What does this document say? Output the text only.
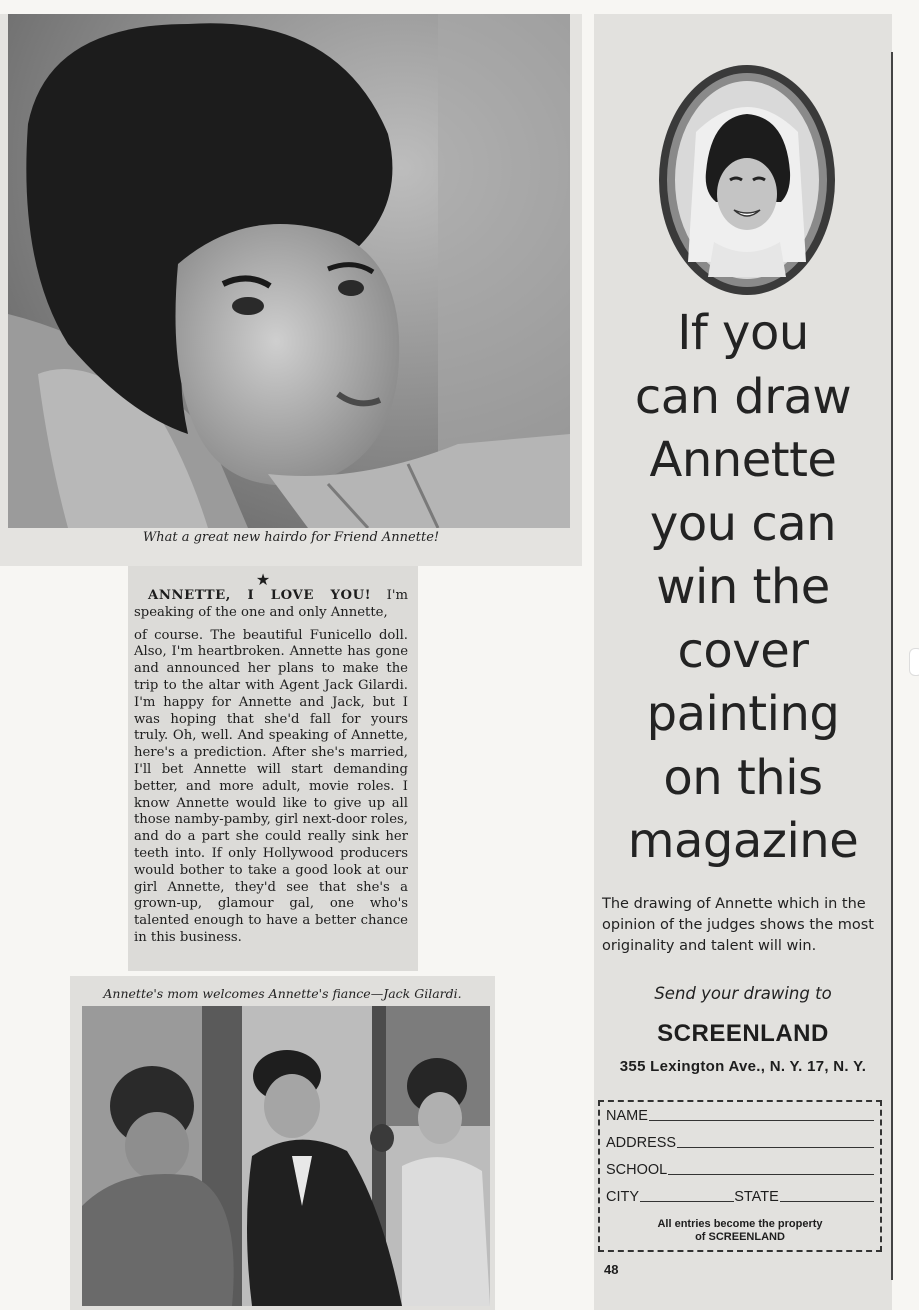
What a great new hairdo for Friend Annette!
★

ANNETTE, I LOVE YOU! I'm speaking of the one and only Annette,

of course. The beautiful Funicello doll. Also, I'm heartbroken. Annette has gone and announced her plans to make the trip to the altar with Agent Jack Gilardi. I'm happy for Annette and Jack, but I was hoping that she'd fall for yours truly. Oh, well. And speaking of Annette, here's a prediction. After she's married, I'll bet Annette will start demanding better, and more adult, movie roles. I know Annette would like to give up all those namby-pamby, girl next-door roles, and do a part she could really sink her teeth into. If only Hollywood producers would bother to take a good look at our girl Annette, they'd see that she's a grown-up, glamour gal, one who's talented enough to have a better chance in this business.

Annette's mom welcomes Annette's fiance—Jack Gilardi.
If you
can draw
Annette
you can
win the
cover
painting
on this
magazine
The drawing of Annette which in the opinion of the judges shows the most originality and talent will win.
Send your drawing to
SCREENLAND
355 Lexington Ave., N. Y. 17, N. Y.
NAME
ADDRESS
SCHOOL
CITY	STATE
All entries become the property
of SCREENLAND
48
